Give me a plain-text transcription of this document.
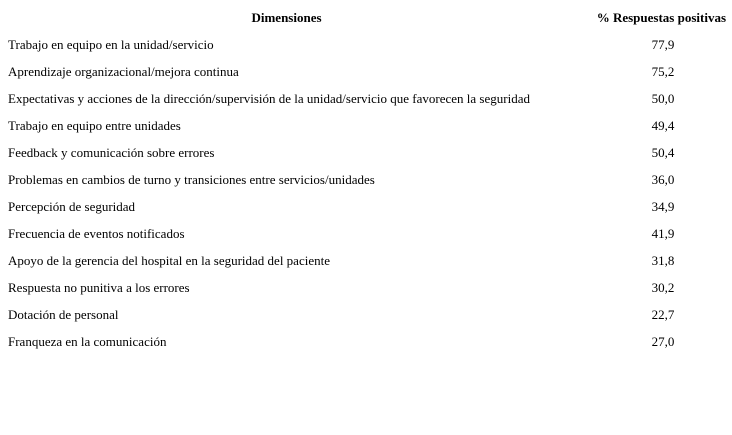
Dimensiones	% Respuestas positivas
Trabajo en equipo en la unidad/servicio	77,9
Aprendizaje organizacional/mejora continua	75,2
Expectativas y acciones de la dirección/supervisión de la unidad/servicio que favorecen la seguridad	50,0
Trabajo en equipo entre unidades	49,4
Feedback y comunicación sobre errores	50,4
Problemas en cambios de turno y transiciones entre servicios/unidades	36,0
Percepción de seguridad	34,9
Frecuencia de eventos notificados	41,9
Apoyo de la gerencia del hospital en la seguridad del paciente	31,8
Respuesta no punitiva a los errores	30,2
Dotación de personal	22,7
Franqueza en la comunicación	27,0
